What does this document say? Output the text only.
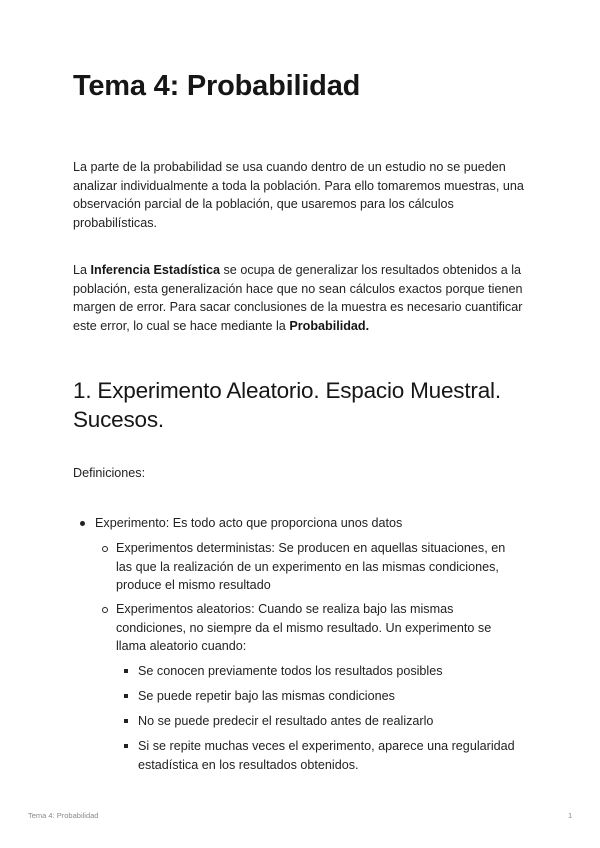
Tema 4: Probabilidad

La parte de la probabilidad se usa cuando dentro de un estudio no se pueden analizar individualmente a toda la población. Para ello tomaremos muestras, una observación parcial de la población, que usaremos para los cálculos probabilísticas.

La Inferencia Estadística se ocupa de generalizar los resultados obtenidos a la población, esta generalización hace que no sean cálculos exactos porque tienen margen de error. Para sacar conclusiones de la muestra es necesario cuantificar este error, lo cual se hace mediante la Probabilidad.

1. Experimento Aleatorio. Espacio Muestral. Sucesos.

Definiciones:

Experimento: Es todo acto que proporciona unos datos

Experimentos deterministas: Se producen en aquellas situaciones, en las que la realización de un experimento en las mismas condiciones, produce el mismo resultado

Experimentos aleatorios: Cuando se realiza bajo las mismas condiciones, no siempre da el mismo resultado. Un experimento se llama aleatorio cuando:

Se conocen previamente todos los resultados posibles

Se puede repetir bajo las mismas condiciones

No se puede predecir el resultado antes de realizarlo

Si se repite muchas veces el experimento, aparece una regularidad estadística en los resultados obtenidos.

Tema 4: Probabilidad	1
